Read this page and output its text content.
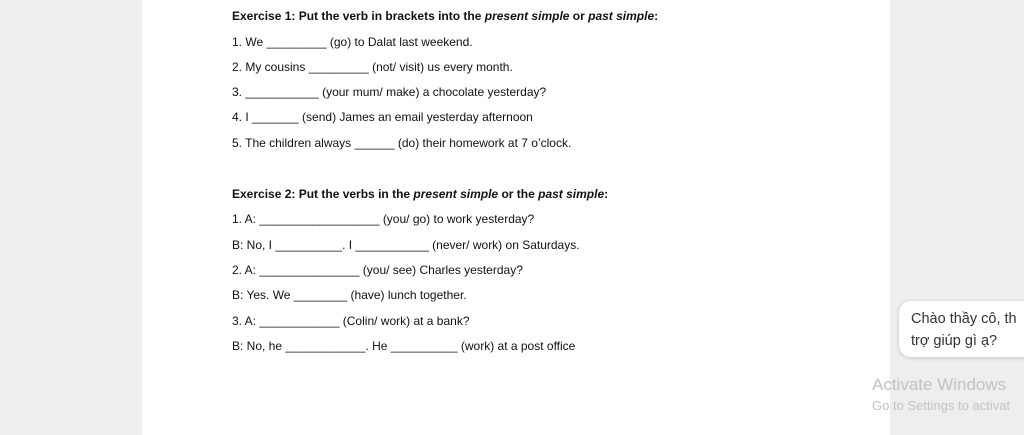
Exercise 1: Put the verb in brackets into the present simple or past simple:
1. We _________ (go) to Dalat last weekend.
2. My cousins _________ (not/ visit) us every month.
3. ___________ (your mum/ make) a chocolate yesterday?
4. I _______ (send) James an email yesterday afternoon
5. The children always ______ (do) their homework at 7 o’clock.
Exercise 2: Put the verbs in the present simple or the past simple:
1. A: __________________ (you/ go) to work yesterday?
B: No, I __________. I ___________ (never/ work) on Saturdays.
2. A: _______________ (you/ see) Charles yesterday?
B: Yes. We ________ (have) lunch together.
3. A: ____________ (Colin/ work) at a bank?
B: No, he ____________. He __________ (work) at a post office
Chào thầy cô, th
trợ giúp gì ạ?
Activate Windows
Go to Settings to activat
